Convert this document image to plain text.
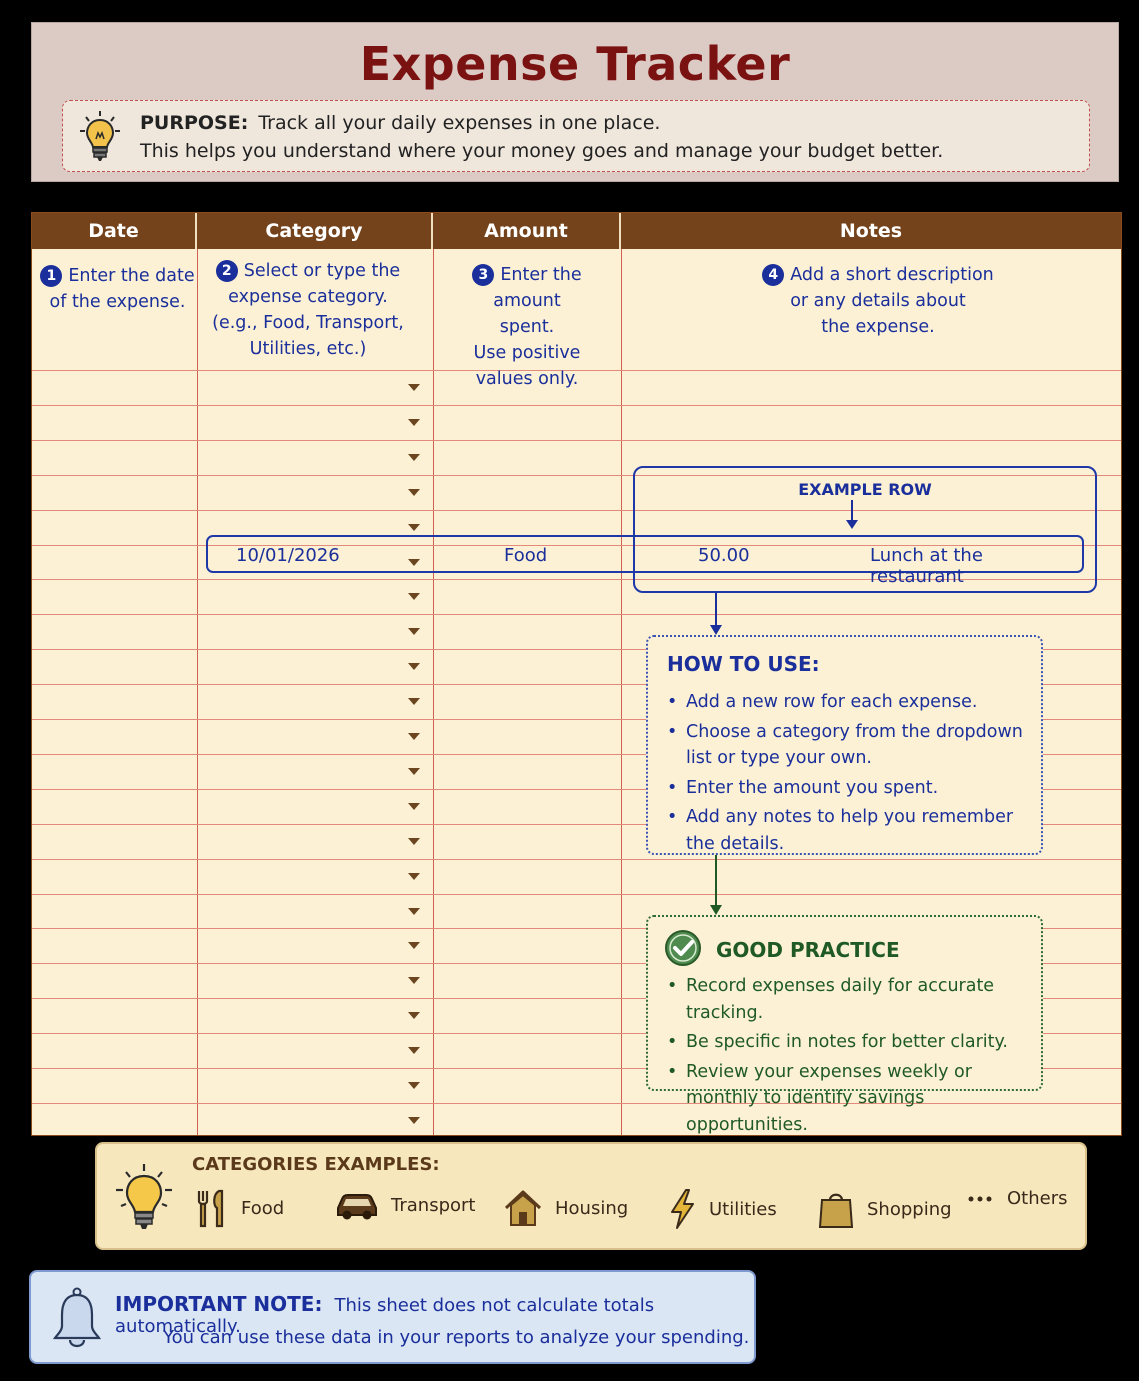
Expense Tracker
PURPOSE: Track all your daily expenses in one place.
This helps you understand where your money goes and manage your budget better.
Date	Category	Amount	Notes
1 Enter the date
of the expense.
2 Select or type the
expense category.
(e.g., Food, Transport,
Utilities, etc.)
3 Enter the amount
spent.
Use positive
values only.
4 Add a short description
or any details about
the expense.
EXAMPLE ROW
10/01/2026	Food	50.00	Lunch at the restaurant
HOW TO USE:
• Add a new row for each expense.
• Choose a category from the dropdown list or type your own.
• Enter the amount you spent.
• Add any notes to help you remember the details.
GOOD PRACTICE
• Record expenses daily for accurate tracking.
• Be specific in notes for better clarity.
• Review your expenses weekly or monthly to identify savings opportunities.
CATEGORIES EXAMPLES:
Food	Transport	Housing	Utilities	Shopping	Others
IMPORTANT NOTE: This sheet does not calculate totals automatically.
You can use these data in your reports to analyze your spending.
